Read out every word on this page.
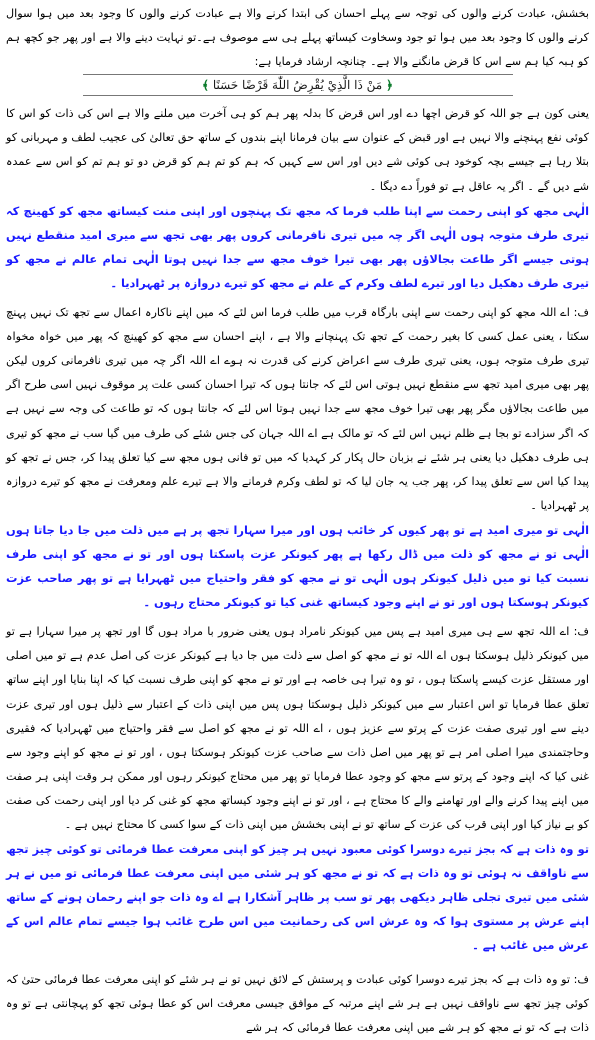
بخشش، عبادت کرنے والوں کی توجہ سے پہلے احسان کی ابتدا کرنے والا ہے عبادت کرنے والوں کا وجود بعد میں ہوا سوال کرنے والوں کا وجود بعد میں ہوا تو جود وسخاوت کیساتھ پہلے ہی سے موصوف ہے۔تو نہایت دینے والا ہے اور پھر جو کچھ ہم کو ہبہ کیا ہم سے اس کا قرض مانگنے والا ہے۔ چنانچہ ارشاد فرمایا ہے:

﴿ مَنْ ذَا الَّذِيْ يُقْرِضُ اللّٰهَ قَرْضًا حَسَنًا ﴾

یعنی کون ہے جو اللہ کو قرض اچھا دے اور اس قرض کا بدلہ پھر ہم کو ہی آخرت میں ملنے والا ہے اس کی ذات کو اس کا کوئی نفع پہنچنے والا نہیں ہے اور قبض کے عنوان سے بیان فرمانا اپنے بندوں کے ساتھ حق تعالیٰ کی عجیب لطف و مہربانی کو بتلا رہا ہے جیسے بچہ کوخود ہی کوئی شے دیں اور اس سے کہیں کہ ہم کو تم ہم کو قرض دو تو ہم تم کو اس سے عمدہ شے دیں گے ۔ اگر یہ عاقل ہے تو فوراً دے دیگا ۔

الٰہی مجھ کو اپنی رحمت سے اپنا طلب فرما کہ مجھ تک پہنچوں اور اپنی منت کیساتھ مجھ کو کھینچ کہ تیری طرف متوجہ ہوں الٰہی اگر چہ میں تیری نافرمانی کروں پھر بھی تجھ سے میری امید منقطع نہیں ہوتی جیسے اگر طاعت بجالاؤں پھر بھی تیرا خوف مجھ سے جدا نہیں ہوتا الٰہی تمام عالم نے مجھ کو تیری طرف دھکیل دیا اور تیرے لطف وکرم کے علم نے مجھ کو تیرے دروازہ پر ٹھہرادیا ۔

ف: اے اللہ مجھ کو اپنی رحمت سے اپنی بارگاہ قرب میں طلب فرما اس لئے کہ میں اپنے ناکارہ اعمال سے تجھ تک نہیں پہنچ سکتا ، یعنی عمل کسی کا بغیر رحمت کے تجھ تک پہنچانے والا ہے ، اپنے احسان سے مجھ کو کھینچ کہ پھر میں خواہ مخواہ تیری طرف متوجہ ہوں، یعنی تیری طرف سے اعراض کرنے کی قدرت نہ ہوے اے اللہ اگر چہ میں تیری نافرمانی کروں لیکن پھر بھی میری امید تجھ سے منقطع نہیں ہوتی اس لئے کہ جانتا ہوں کہ تیرا احسان کسی علت پر موقوف نہیں اسی طرح اگر میں طاعت بجالاؤں مگر پھر بھی تیرا خوف مجھ سے جدا نہیں ہوتا اس لئے کہ جانتا ہوں کہ تو طاعت کی وجہ سے نہیں ہے کہ اگر سزادے تو بجا ہے ظلم نہیں اس لئے کہ تو مالک ہے اے اللہ جہان کی جس شئے کی طرف میں گیا سب نے مجھ کو تیری ہی طرف دھکیل دیا یعنی ہر شئے نے بزبان حال پکار کر کہدیا کہ میں تو فانی ہوں مجھ سے کیا تعلق پیدا کر، جس نے تجھ کو پیدا کیا اس سے تعلق پیدا کر، پھر جب یہ جان لیا کہ تو لطف وکرم فرمانے والا ہے تیرے علم ومعرفت نے مجھ کو تیرے دروازہ پر ٹھہرادیا ۔

الٰہی تو میری امید ہے تو پھر کیوں کر خائب ہوں اور میرا سہارا تجھ پر ہے میں ذلت میں جا دیا جاتا ہوں الٰہی تو نے مجھ کو ذلت میں ڈال رکھا ہے پھر کیونکر عزت پاسکتا ہوں اور تو نے مجھ کو اپنی طرف نسبت کیا تو میں ذلیل کیونکر ہوں الٰہی تو نے مجھ کو فقر واحتیاج میں ٹھہرایا ہے تو پھر صاحب عزت کیونکر ہوسکتا ہوں اور تو نے اپنے وجود کیساتھ غنی کیا تو کیونکر محتاج رہوں ۔

ف: اے اللہ تجھ سے ہی میری امید ہے پس میں کیونکر نامراد ہوں یعنی ضرور با مراد ہوں گا اور تجھ پر میرا سہارا ہے تو میں کیونکر ذلیل ہوسکتا ہوں اے اللہ تو نے مجھ کو اصل سے ذلت میں جا دیا ہے کیونکر عزت کی اصل عدم ہے تو میں اصلی اور مستقل عزت کیسے پاسکتا ہوں ، تو وہ تیرا ہی خاصہ ہے اور تو نے مجھ کو اپنی طرف نسبت کیا کہ اپنا بنایا اور اپنے ساتھ تعلق عطا فرمایا تو اس اعتبار سے میں کیونکر ذلیل ہوسکتا ہوں پس میں اپنی ذات کے اعتبار سے ذلیل ہوں اور تیری عزت دینے سے اور تیری صفت عزت کے پرتو سے عزیز ہوں ، اے اللہ تو نے مجھ کو اصل سے فقر واحتیاج میں ٹھہرادیا کہ فقیری وحاجتمندی میرا اصلی امر ہے تو پھر میں اصل ذات سے صاحب عزت کیونکر ہوسکتا ہوں ، اور تو نے مجھ کو اپنے وجود سے غنی کیا کہ اپنے وجود کے پرتو سے مجھ کو وجود عطا فرمایا تو پھر میں محتاج کیونکر رہوں اور ممکن ہر وقت اپنی ہر صفت میں اپنے پیدا کرنے والے اور تھامنے والے کا محتاج ہے ، اور تو نے اپنے وجود کیساتھ مجھ کو غنی کر دیا اور اپنی رحمت کی صفت کو بے نیاز کیا اور اپنی قرب کی عزت کے ساتھ تو نے اپنی بخشش میں اپنی ذات کے سوا کسی کا محتاج نہیں ہے ۔

تو وہ ذات ہے کہ بجز تیرے دوسرا کوئی معبود نہیں ہر چیز کو اپنی معرفت عطا فرمائی تو کوئی چیز تجھ سے ناواقف نہ ہوئی تو وہ ذات ہے کہ تو نے مجھ کو ہر شئی میں اپنی معرفت عطا فرمائی تو میں نے ہر شئی میں تیری تجلی ظاہر دیکھی پھر تو سب پر ظاہر آشکارا ہے اے وہ ذات جو اپنے رحمان ہونے کے ساتھ اپنے عرش پر مستوی ہوا کہ وہ عرش اس کی رحمانیت میں اس طرح غائب ہوا جیسے تمام عالم اس کے عرش میں غائب ہے ۔

ف: تو وہ ذات ہے کہ بجز تیرے دوسرا کوئی عبادت و پرستش کے لائق نہیں تو نے ہر شئے کو اپنی معرفت عطا فرمائی حتیٰ کہ کوئی چیز تجھ سے ناواقف نہیں ہے ہر شے اپنے مرتبہ کے موافق جیسی معرفت اس کو عطا ہوئی تجھ کو پہچانتی ہے تو وہ ذات ہے کہ تو نے مجھ کو ہر شے میں اپنی معرفت عطا فرمائی کہ ہر شے
